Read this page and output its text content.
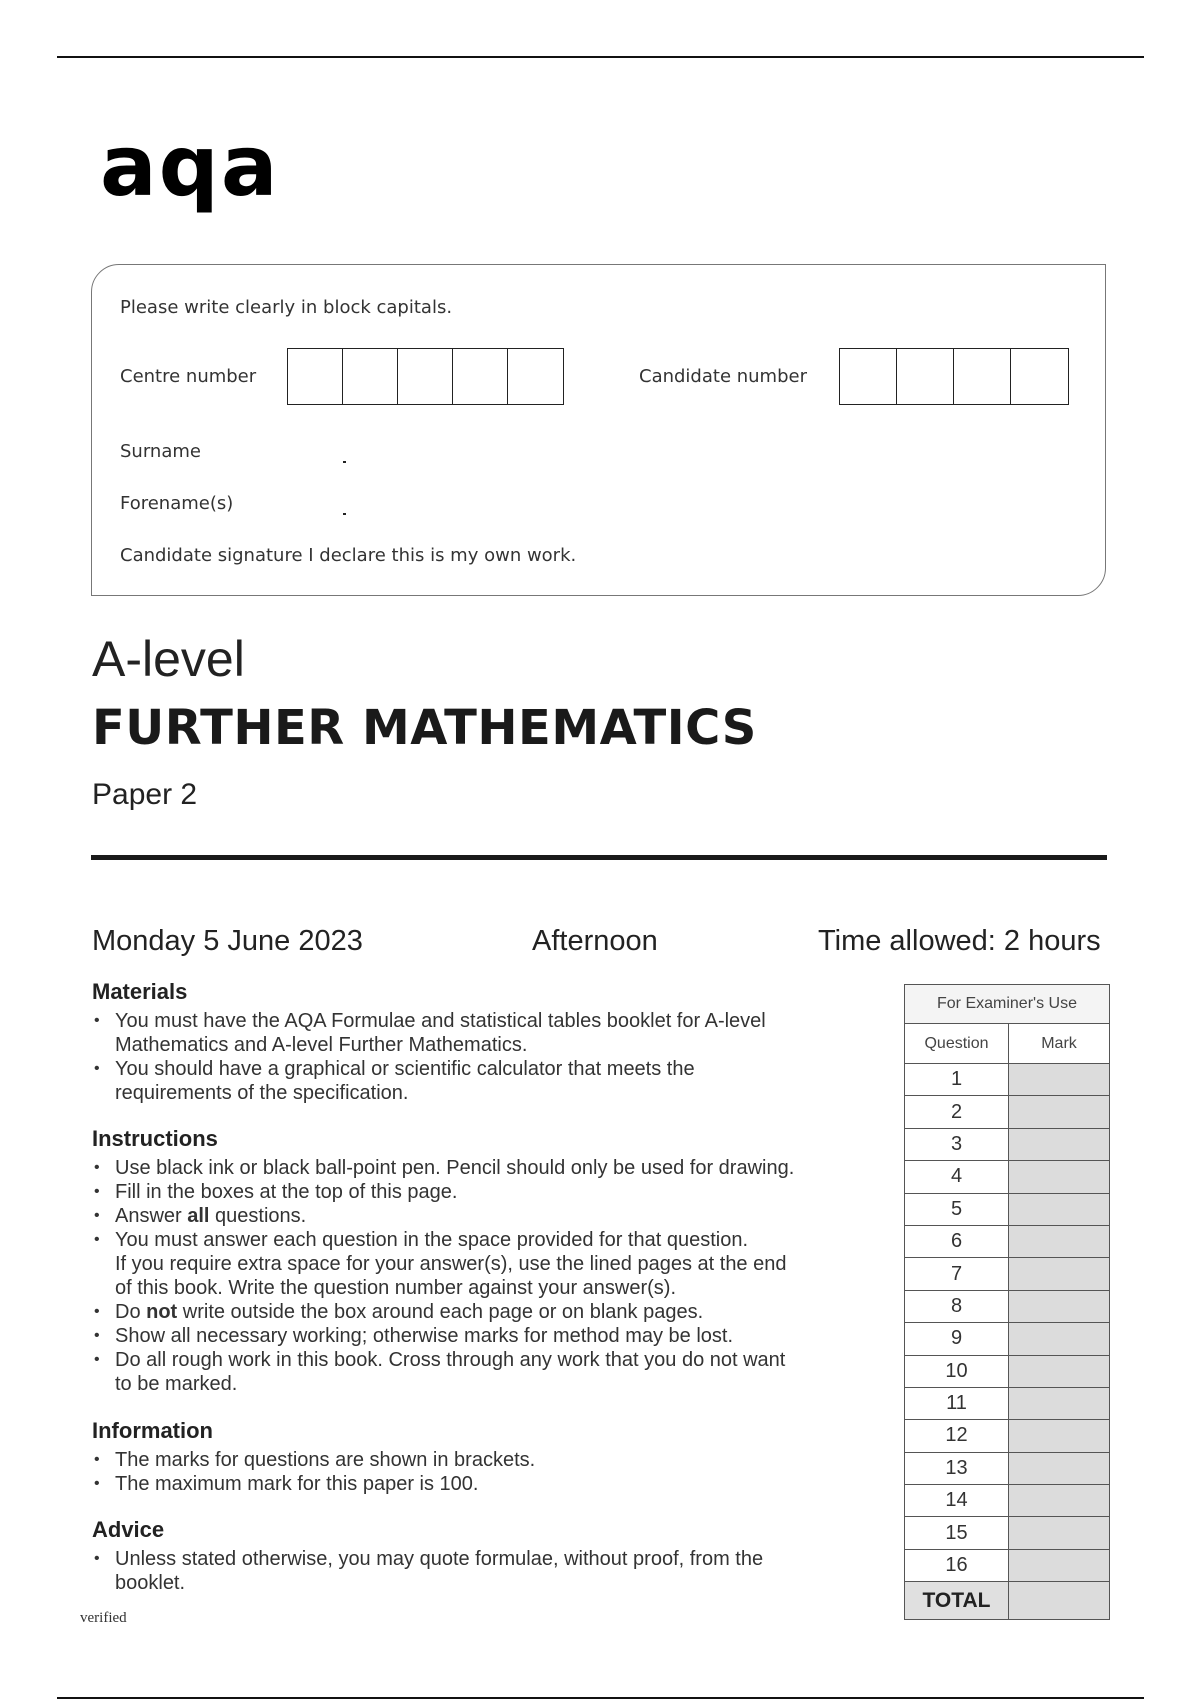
aqa
Please write clearly in block capitals.
Centre number	Candidate number
Surname
Forename(s)
Candidate signature I declare this is my own work.
A-level
FURTHER MATHEMATICS
Paper 2
Monday 5 June 2023	Afternoon	Time allowed: 2 hours
Materials
• You must have the AQA Formulae and statistical tables booklet for A-level
Mathematics and A-level Further Mathematics.
• You should have a graphical or scientific calculator that meets the
requirements of the specification.
Instructions
• Use black ink or black ball-point pen. Pencil should only be used for drawing.
• Fill in the boxes at the top of this page.
• Answer all questions.
• You must answer each question in the space provided for that question.
If you require extra space for your answer(s), use the lined pages at the end
of this book. Write the question number against your answer(s).
• Do not write outside the box around each page or on blank pages.
• Show all necessary working; otherwise marks for method may be lost.
• Do all rough work in this book. Cross through any work that you do not want
to be marked.
Information
• The marks for questions are shown in brackets.
• The maximum mark for this paper is 100.
Advice
• Unless stated otherwise, you may quote formulae, without proof, from the
booklet.
verified
For Examiner's Use	
Question	Mark
1	
2	
3	
4	
5	
6	
7	
8	
9	
10	
11	
12	
13	
14	
15	
16	
TOTAL	
